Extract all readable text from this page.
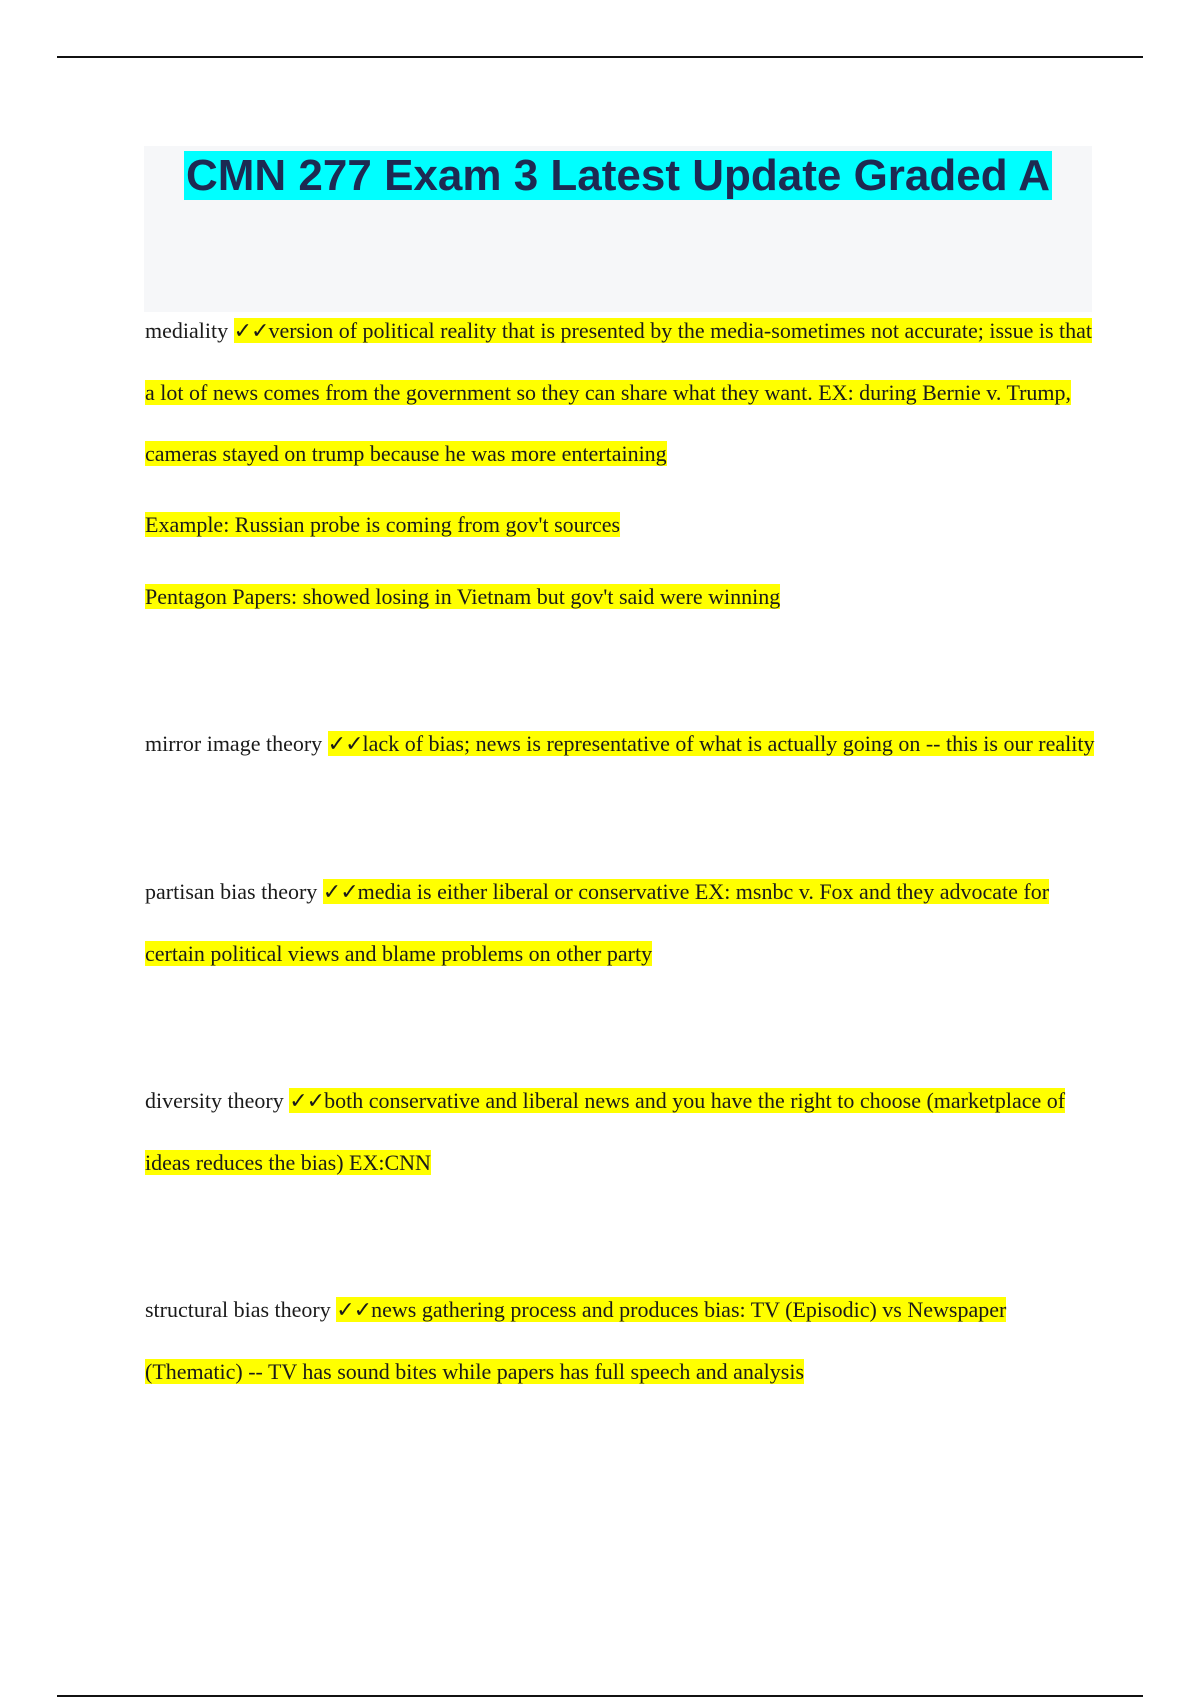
CMN 277 Exam 3 Latest Update Graded A

mediality ✓✓version of political reality that is presented by the media-sometimes not accurate; issue is that a lot of news comes from the government so they can share what they want. EX: during Bernie v. Trump, cameras stayed on trump because he was more entertaining

Example: Russian probe is coming from gov't sources

Pentagon Papers: showed losing in Vietnam but gov't said were winning

mirror image theory ✓✓lack of bias; news is representative of what is actually going on -- this is our reality

partisan bias theory ✓✓media is either liberal or conservative EX: msnbc v. Fox and they advocate for certain political views and blame problems on other party

diversity theory ✓✓both conservative and liberal news and you have the right to choose (marketplace of ideas reduces the bias) EX:CNN

structural bias theory ✓✓news gathering process and produces bias: TV (Episodic) vs Newspaper (Thematic) -- TV has sound bites while papers has full speech and analysis
